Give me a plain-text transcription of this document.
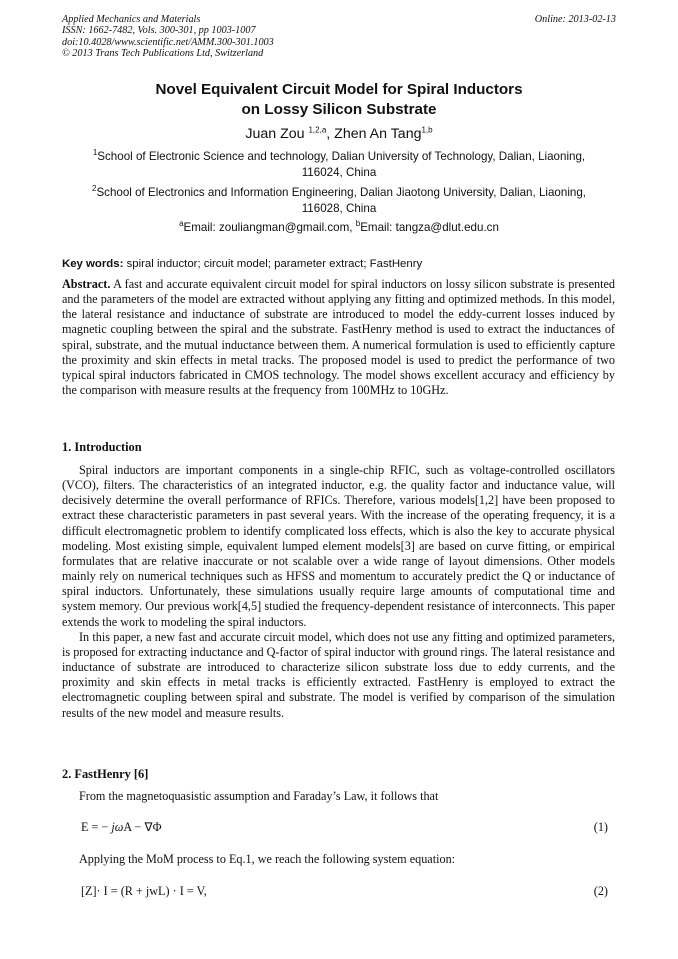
Applied Mechanics and Materials
ISSN: 1662-7482, Vols. 300-301, pp 1003-1007
doi:10.4028/www.scientific.net/AMM.300-301.1003
© 2013 Trans Tech Publications Ltd, Switzerland
Online: 2013-02-13
Novel Equivalent Circuit Model for Spiral Inductors
on Lossy Silicon Substrate
Juan Zou $^{1,2,a}$, Zhen An Tang$^{1,b}$
$^1$School of Electronic Science and technology, Dalian University of Technology, Dalian, Liaoning,
116024, China
$^2$School of Electronics and Information Engineering, Dalian Jiaotong University, Dalian, Liaoning,
116028, China
$^a$Email: zouliangman@gmail.com, $^b$Email: tangza@dlut.edu.cn
Key words: spiral inductor; circuit model; parameter extract; FastHenry
Abstract. A fast and accurate equivalent circuit model for spiral inductors on lossy silicon substrate is presented and the parameters of the model are extracted without applying any fitting and optimized methods. In this model, the lateral resistance and inductance of substrate are introduced to model the eddy-current losses induced by magnetic coupling between the spiral and the substrate. FastHenry method is used to extract the inductances of spiral, substrate, and the mutual inductance between them. A numerical formulation is used to efficiently capture the proximity and skin effects in metal tracks. The proposed model is used to predict the performance of two typical spiral inductors fabricated in CMOS technology. The model shows excellent accuracy and efficiency by the comparison with measure results at the frequency from 100MHz to 10GHz.
1. Introduction

Spiral inductors are important components in a single-chip RFIC, such as voltage-controlled oscillators (VCO), filters. The characteristics of an integrated inductor, e.g. the quality factor and inductance value, will decisively determine the overall performance of RFICs. Therefore, various models[1,2] have been proposed to extract these characteristic parameters in past several years. With the increase of the operating frequency, it is a difficult electromagnetic problem to identify complicated loss effects, which is also the key to accurate physical modeling. Most existing simple, equivalent lumped element models[3] are based on curve fitting, or empirical formulates that are relative inaccurate or not scalable over a wide range of layout dimensions. Other models mainly rely on numerical techniques such as HFSS and momentum to accurately predict the Q or inductance of spiral inductors. Unfortunately, these simulations usually require large amounts of computational time and system memory. Our previous work[4,5] studied the frequency-dependent resistance of interconnects. This paper extends the work to modeling the spiral inductors.

In this paper, a new fast and accurate circuit model, which does not use any fitting and optimized parameters, is proposed for extracting inductance and Q-factor of spiral inductor with ground rings. The lateral resistance and inductance of substrate are introduced to characterize silicon substrate loss due to eddy currents, and the proximity and skin effects in metal tracks is efficiently extracted. FastHenry is employed to extract the electromagnetic coupling between spiral and substrate. The model is verified by comparison of the simulation results of the new model and measure results.

2. FastHenry [6]
From the magnetoquasistic assumption and Faraday’s Law, it follows that
E = − jωA − ∇Φ	(1)
Applying the MoM process to Eq.1, we reach the following system equation:
[Z]· I = (R + jwL) · I = V,	(2)
